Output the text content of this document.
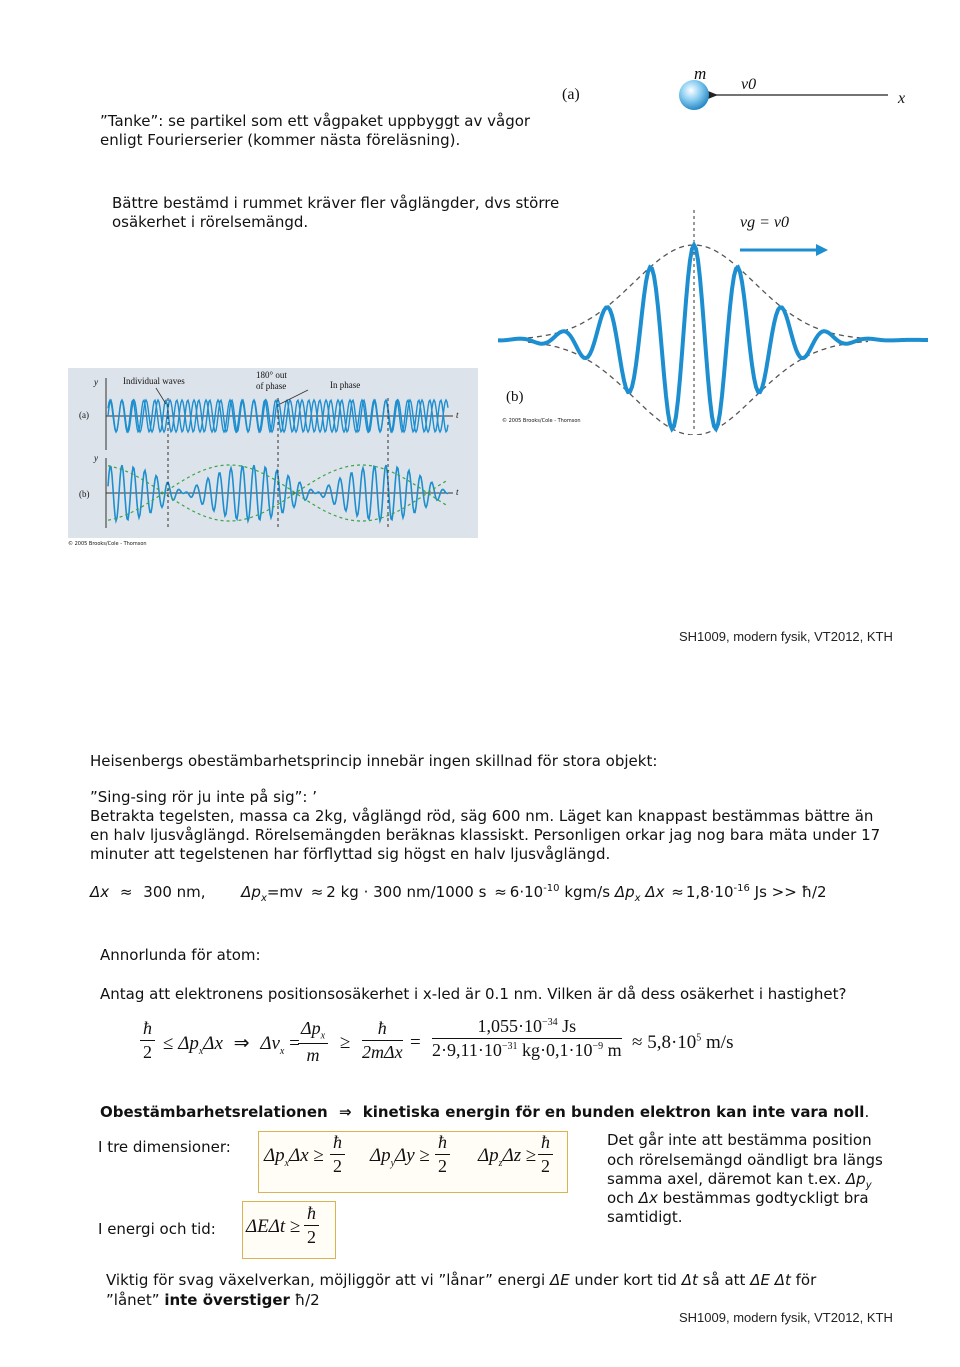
”Tanke”: se partikel som ett vågpaket uppbyggt av vågor
enligt Fourierserier (kommer nästa föreläsning).
Bättre bestämd i rummet kräver fler våglängder, dvs större
osäkerhet i rörelsemängd.
m
v0
x
(a)
vg = v0
(b)
© 2005 Brooks/Cole - Thomson
y	Individual waves
180° out
of phase	In phase
(a)	t
y
(b)	t
© 2005 Brooks/Cole - Thomson
SH1009, modern fysik, VT2012, KTH
Heisenbergs obestämbarhetsprincip innebär ingen skillnad för stora objekt:
”Sing-sing rör ju inte på sig”: ’
Betrakta tegelsten, massa ca 2kg, våglängd röd, säg 600 nm. Läget kan knappast bestämmas bättre än
en halv ljusvåglängd. Rörelsemängden beräknas klassiskt. Personligen orkar jag nog bara mäta under 17
minuter att tegelstenen har förflyttad sig högst en halv ljusvåglängd.
Δx ≈ 300 nm, $\Delta p_x=mv \approx 2$ kg · 300 nm/1000 $s \approx 6\cdot 10^{-10}$ kgm/s $\Delta p_x$ $\Delta x \approx 1,8\cdot 10^{-16}$ Js >> ħ/2
Annorlunda för atom:
Antag att elektronens positionsosäkerhet i x-led är 0.1 nm. Vilken är då dess osäkerhet i hastighet?
$\frac{ħ}{2} \le \Delta p_x\Delta x$ ⇒ $\Delta v_x$ =
$\Delta p_x$
m
≥
ħ
$2m\Delta x = \frac{1,055\cdot 10^{-34} Js}{2\cdot 9,11\cdot 10^{-31} kg\cdot 0,1\cdot 10^{-9} m} \approx 5,8\cdot 10^5$ m/s
Obestämbarhetsrelationen ⇒ kinetiska energin för en bunden elektron kan inte vara noll.
I tre dimensioner:
I energi och tid:
$\Delta p_x\Delta x \ge \frac{ħ}{2} \Delta p_y\Delta y \ge \frac{ħ}{2} \Delta p_z\Delta z \ge \frac{ħ}{2}$
$\Delta E\Delta t \ge \frac{ħ}{2}$
Det går inte att bestämma position
och rörelsemängd oändligt bra längs
samma axel, däremot kan t.ex. $\Delta p_y$
och Δx bestämmas godtyckligt bra
samtidigt.
Viktig för svag växelverkan, möjliggör att vi ”lånar” energi ΔE under kort tid Δt så att ΔE Δt för
”lånet” inte överstiger ħ/2
SH1009, modern fysik, VT2012, KTH
